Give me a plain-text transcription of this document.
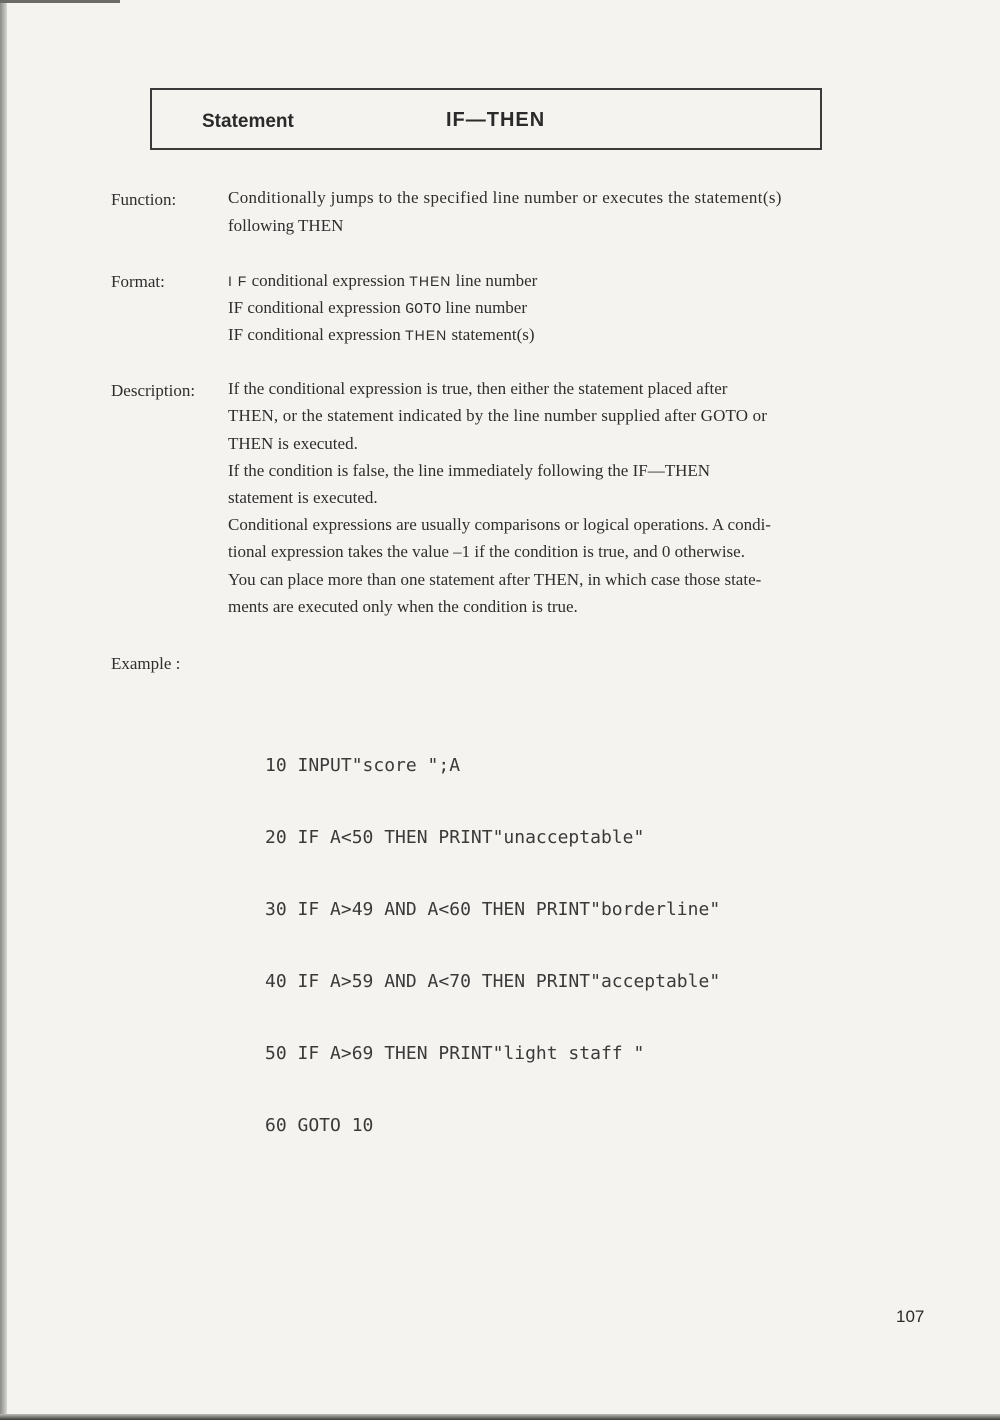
Statement	IF—THEN
Function:	Conditionally jumps to the specified line number or executes the statement(s)
following THEN
Format:	I F conditional expression THEN line number
IF conditional expression GOTO line number
IF conditional expression THEN statement(s)
Description: If the conditional expression is true, then either the statement placed after
THEN, or the statement indicated by the line number supplied after GOTO or
THEN is executed.
If the condition is false, the line immediately following the IF—THEN
statement is executed.
Conditional expressions are usually comparisons or logical operations. A condi-
tional expression takes the value –1 if the condition is true, and 0 otherwise.
You can place more than one statement after THEN, in which case those state-
ments are executed only when the condition is true.
Example :

10 INPUT"score ";A

20 IF A<50 THEN PRINT"unacceptable"

30 IF A>49 AND A<60 THEN PRINT"borderline"

40 IF A>59 AND A<70 THEN PRINT"acceptable"

50 IF A>69 THEN PRINT"light staff "

60 GOTO 10

107
